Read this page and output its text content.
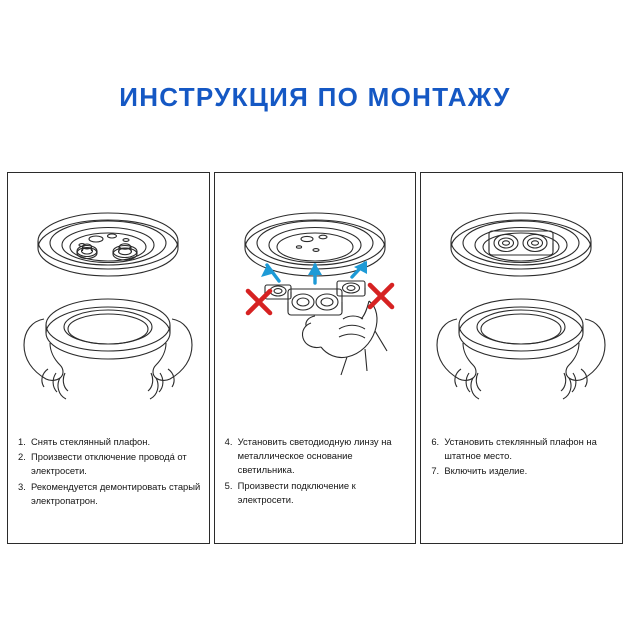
ИНСТРУКЦИЯ ПО МОНТАЖУ
1. Снять стеклянный плафон.
2. Произвести отключение проводá от электросети.
3. Рекомендуется демонтировать старый электропатрон.
4. Установить светодиодную линзу на металлическое основание светильника.
5. Произвести подключение к электросети.
6. Установить стеклянный плафон на штатное место.
7. Включить изделие.
